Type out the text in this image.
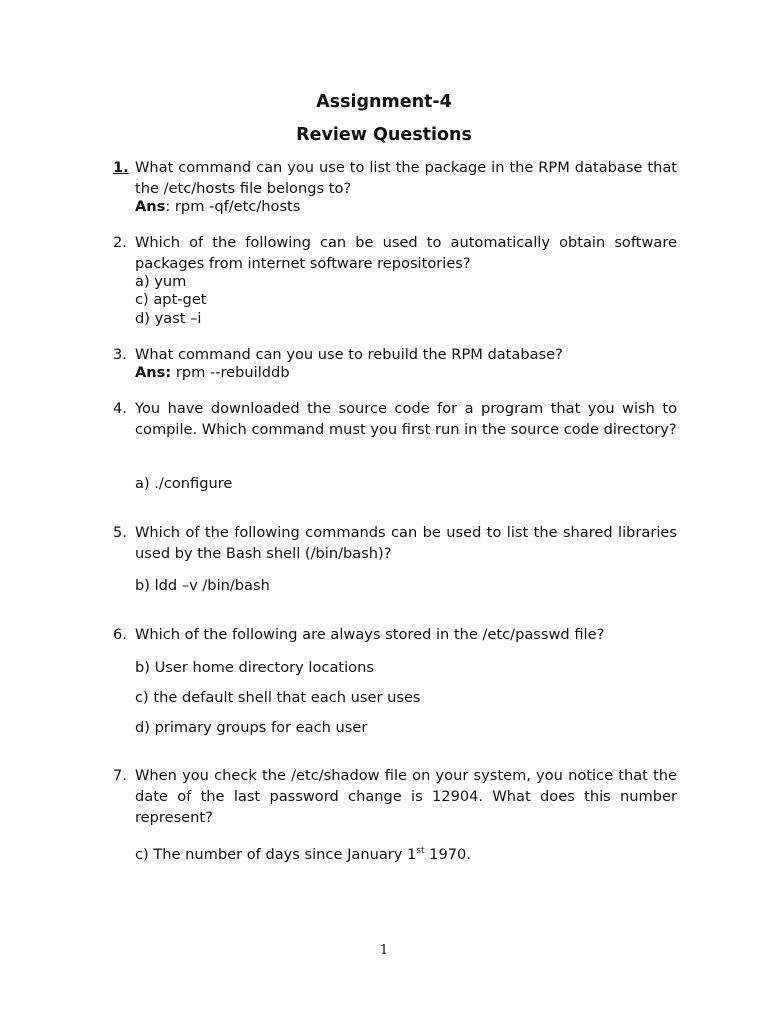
Assignment-4
Review Questions
1. What command can you use to list the package in the RPM database that the /etc/hosts file belongs to?
Ans: rpm -qf/etc/hosts
2. Which of the following can be used to automatically obtain software packages from internet software repositories?
a) yum
c) apt-get
d) yast –i
3. What command can you use to rebuild the RPM database?
Ans: rpm --rebuilddb
4. You have downloaded the source code for a program that you wish to compile. Which command must you first run in the source code directory?
a) ./configure
5. Which of the following commands can be used to list the shared libraries used by the Bash shell (/bin/bash)?
b) ldd –v /bin/bash
6. Which of the following are always stored in the /etc/passwd file?
b) User home directory locations
c) the default shell that each user uses
d) primary groups for each user
7. When you check the /etc/shadow file on your system, you notice that the date of the last password change is 12904. What does this number represent?
c) The number of days since January 1st 1970.
1
